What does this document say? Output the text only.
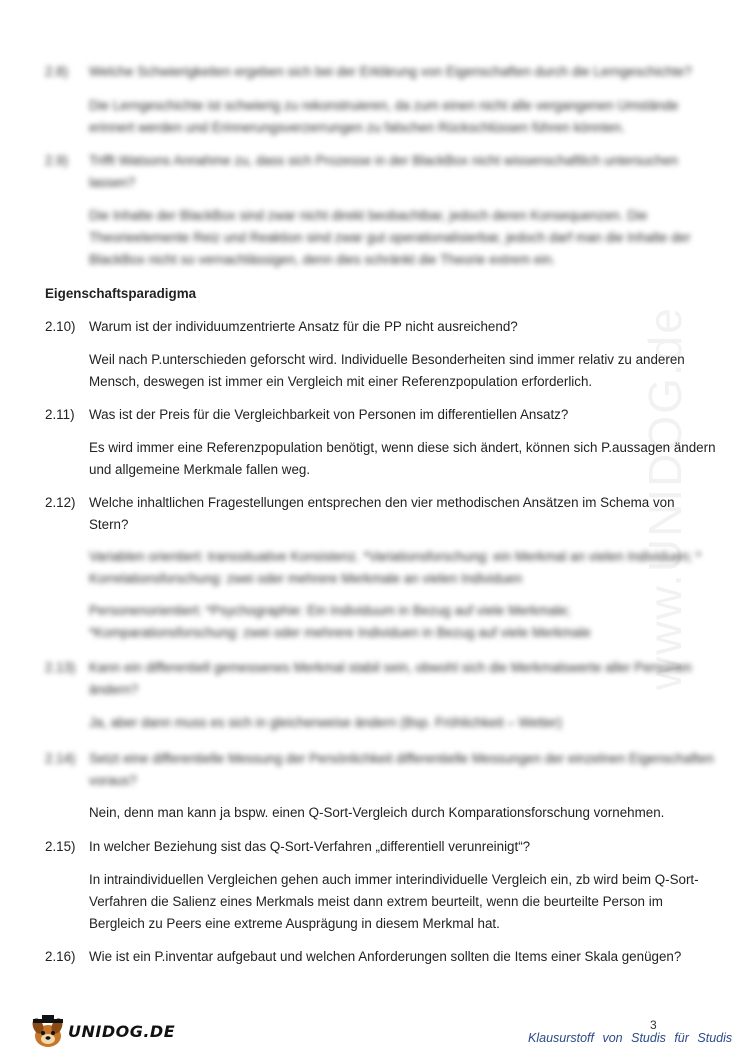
www.UNIDOG.de
2.8)	Welche Schwierigkeiten ergeben sich bei der Erklärung von Eigenschaften durch die Lerngeschichte?
Die Lerngeschichte ist schwierig zu rekonstruieren, da zum einen nicht alle vergangenen Umstände erinnert werden und Erinnerungsverzerrungen zu falschen Rückschlüssen führen könnten.
2.9)	Trifft Watsons Annahme zu, dass sich Prozesse in der BlackBox nicht wissenschaftlich untersuchen lassen?
Die Inhalte der BlackBox sind zwar nicht direkt beobachtbar, jedoch deren Konsequenzen. Die Theorieelemente Reiz und Reaktion sind zwar gut operationalisierbar, jedoch darf man die Inhalte der BlackBox nicht so vernachlässigen, denn dies schränkt die Theorie extrem ein.
Eigenschaftsparadigma
2.10)	Warum ist der individuumzentrierte Ansatz für die PP nicht ausreichend?
Weil nach P.unterschieden geforscht wird. Individuelle Besonderheiten sind immer relativ zu anderen Mensch, deswegen ist immer ein Vergleich mit einer Referenzpopulation erforderlich.
2.11)	Was ist der Preis für die Vergleichbarkeit von Personen im differentiellen Ansatz?
Es wird immer eine Referenzpopulation benötigt, wenn diese sich ändert, können sich P.aussagen ändern und allgemeine Merkmale fallen weg.
2.12)	Welche inhaltlichen Fragestellungen entsprechen den vier methodischen Ansätzen im Schema von Stern?
Variablen orientiert: transsituative Konsistenz. *Variationsforschung: ein Merkmal an vielen Individuen; * Korrelationsforschung: zwei oder mehrere Merkmale an vielen Individuen
Personenorientiert: *Psychographie: Ein Individuum in Bezug auf viele Merkmale; *Komparationsforschung: zwei oder mehrere Individuen in Bezug auf viele Merkmale
2.13)	Kann ein differentiell gemessenes Merkmal stabil sein, obwohl sich die Merkmalswerte aller Personen ändern?
Ja, aber dann muss es sich in gleicherweise ändern (Bsp. Fröhlichkeit – Wetter)
2.14)	Setzt eine differentielle Messung der Persönlichkeit differentielle Messungen der einzelnen Eigenschaften voraus?
Nein, denn man kann ja bspw. einen Q-Sort-Vergleich durch Komparationsforschung vornehmen.
2.15)	In welcher Beziehung sist das Q-Sort-Verfahren „differentiell verunreinigt“?
In intraindividuellen Vergleichen gehen auch immer interindividuelle Vergleich ein, zb wird beim Q-Sort-Verfahren die Salienz eines Merkmals meist dann extrem beurteilt, wenn die beurteilte Person im Bergleich zu Peers eine extreme Ausprägung in diesem Merkmal hat.
2.16)	Wie ist ein P.inventar aufgebaut und welchen Anforderungen sollten die Items einer Skala genügen?
UNIDOG.DE	3
Klausurstoff von Studis für Studis
